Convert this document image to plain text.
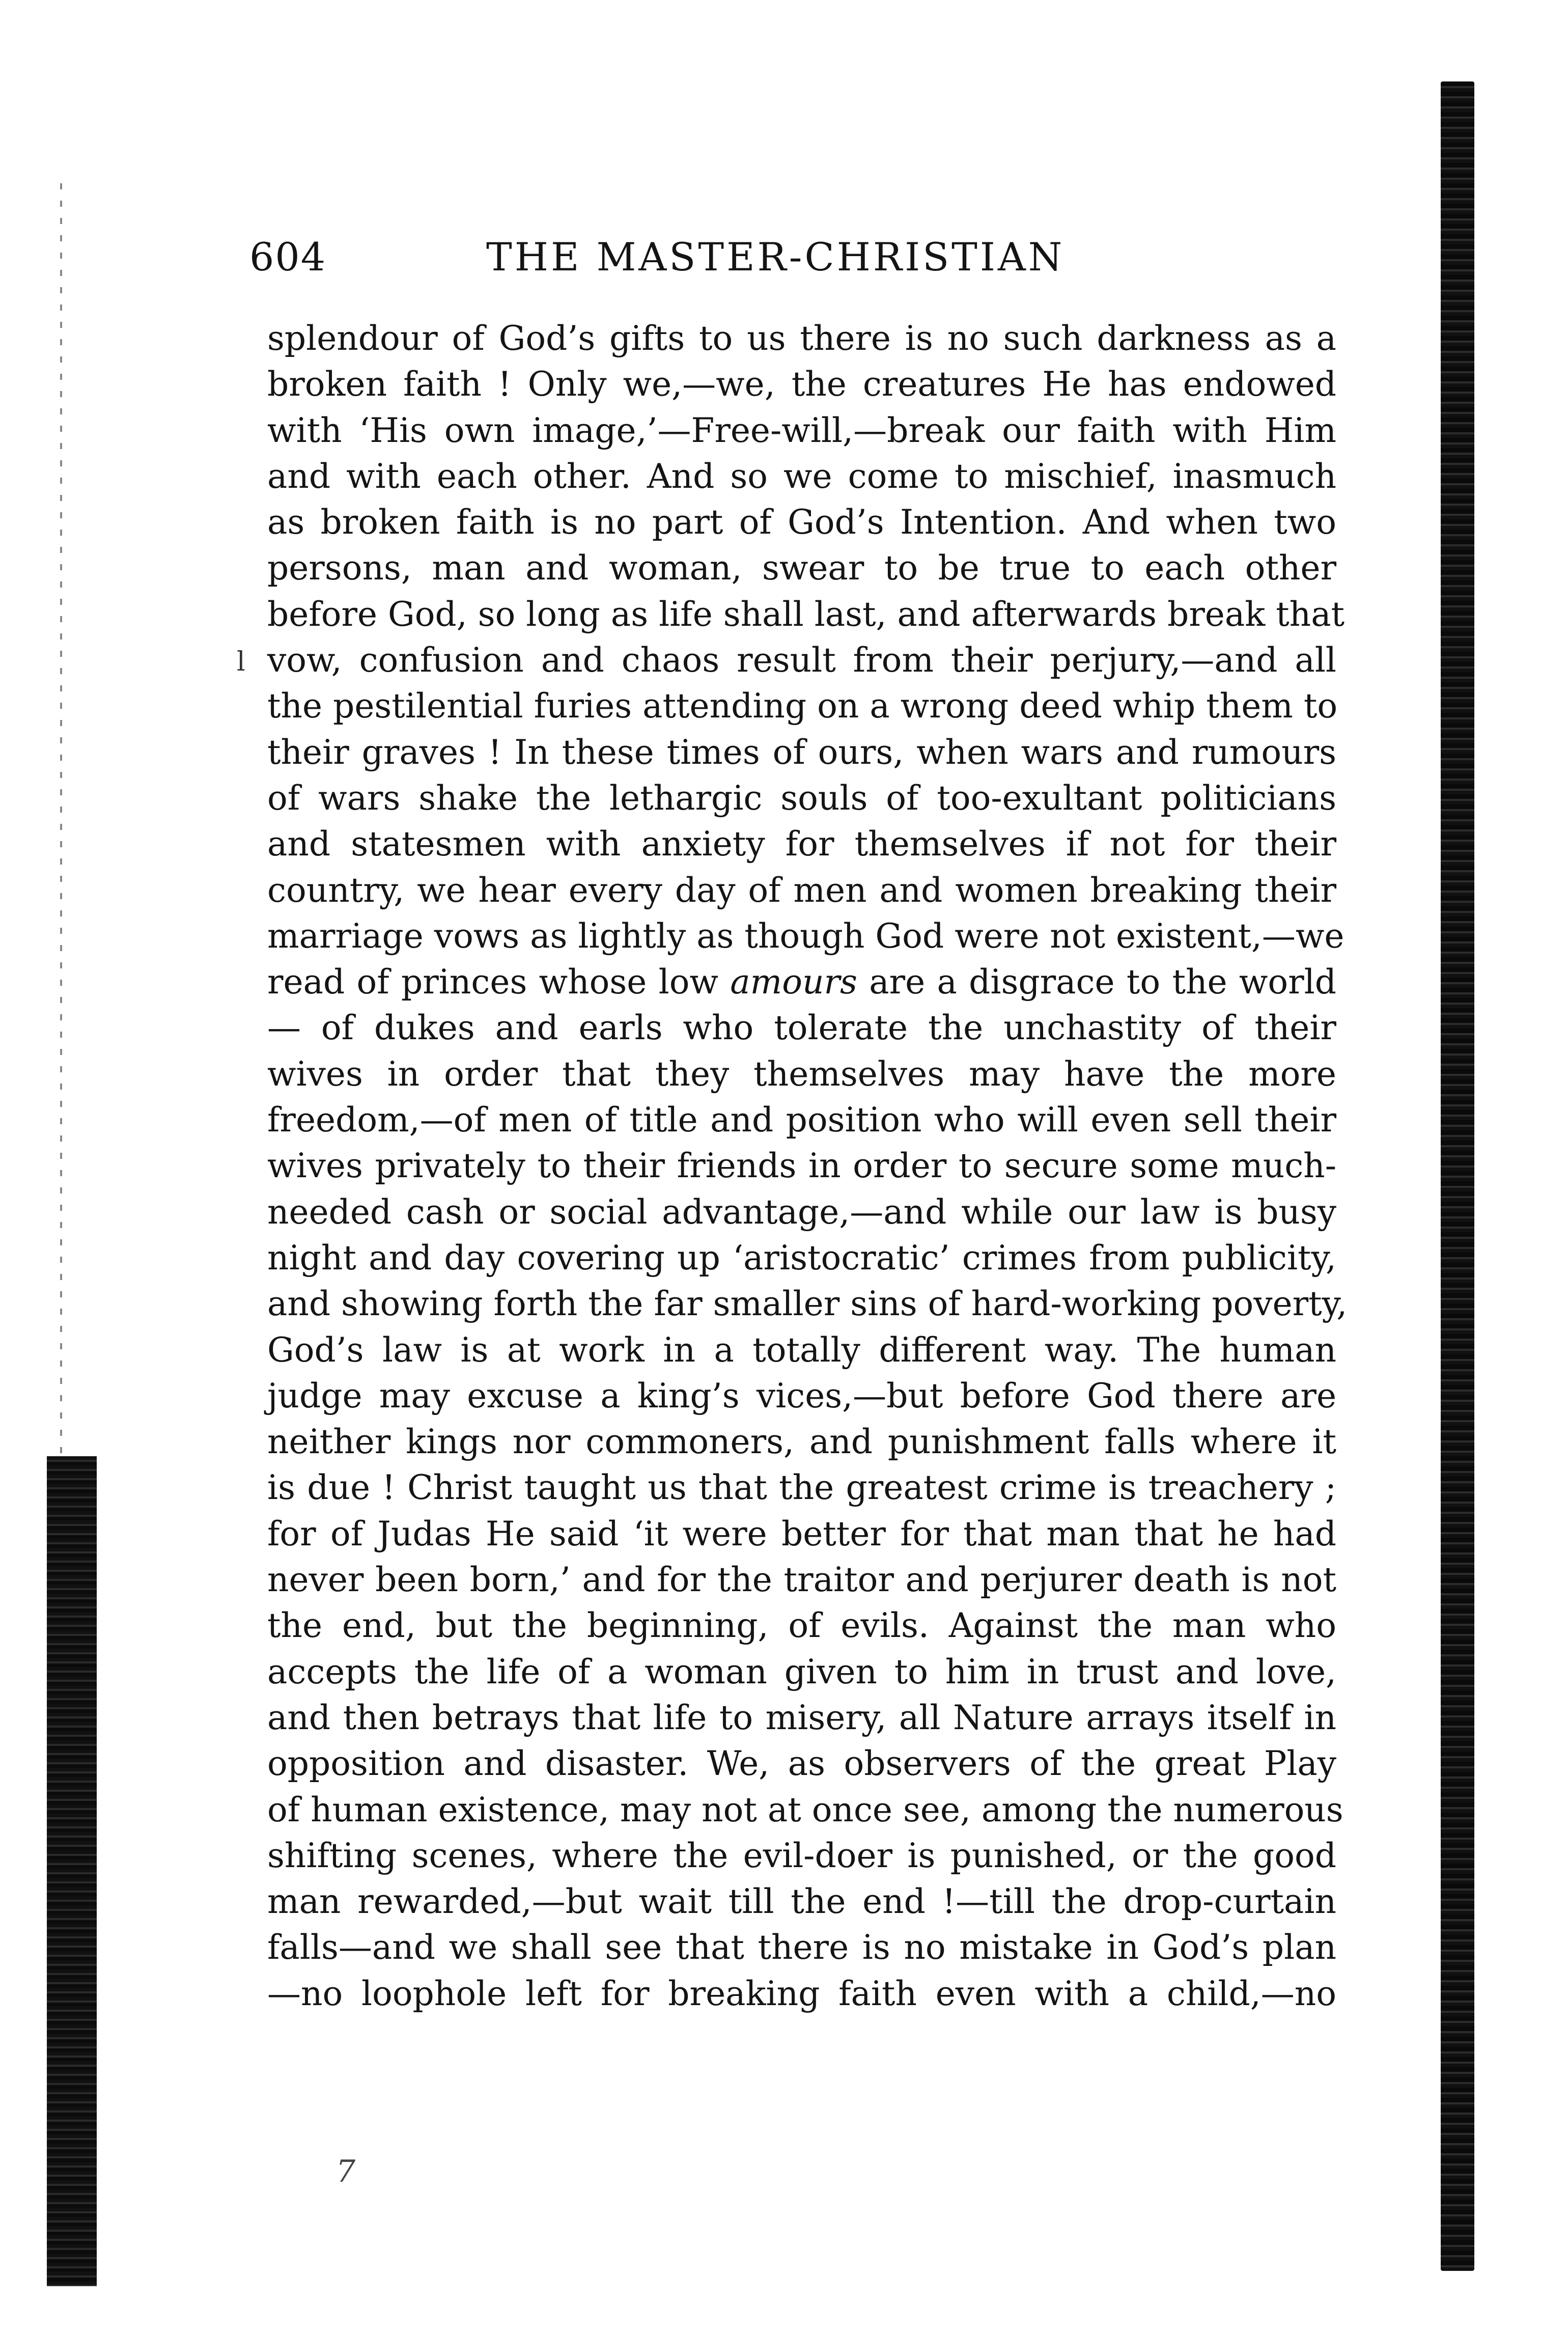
604	THE MASTER-CHRISTIAN
l
splendour of God’s gifts to us there is no such darkness as a
broken faith ! Only we,—we, the creatures He has endowed
with ‘His own image,’—Free-will,—break our faith with Him
and with each other. And so we come to mischief, inasmuch
as broken faith is no part of God’s Intention. And when two
persons, man and woman, swear to be true to each other
before God, so long as life shall last, and afterwards break that
vow, confusion and chaos result from their perjury,—and all
the pestilential furies attending on a wrong deed whip them to
their graves ! In these times of ours, when wars and rumours
of wars shake the lethargic souls of too-exultant politicians
and statesmen with anxiety for themselves if not for their
country, we hear every day of men and women breaking their
marriage vows as lightly as though God were not existent,—we
read of princes whose low amours are a disgrace to the world
— of dukes and earls who tolerate the unchastity of their
wives in order that they themselves may have the more
freedom,—of men of title and position who will even sell their
wives privately to their friends in order to secure some much-
needed cash or social advantage,—and while our law is busy
night and day covering up ‘aristocratic’ crimes from publicity,
and showing forth the far smaller sins of hard-working poverty,
God’s law is at work in a totally different way. The human
judge may excuse a king’s vices,—but before God there are
neither kings nor commoners, and punishment falls where it
is due ! Christ taught us that the greatest crime is treachery ;
for of Judas He said ‘it were better for that man that he had
never been born,’ and for the traitor and perjurer death is not
the end, but the beginning, of evils. Against the man who
accepts the life of a woman given to him in trust and love,
and then betrays that life to misery, all Nature arrays itself in
opposition and disaster. We, as observers of the great Play
of human existence, may not at once see, among the numerous
shifting scenes, where the evil-doer is punished, or the good
man rewarded,—but wait till the end !—till the drop-curtain
falls—and we shall see that there is no mistake in God’s plan
—no loophole left for breaking faith even with a child,—no
7
